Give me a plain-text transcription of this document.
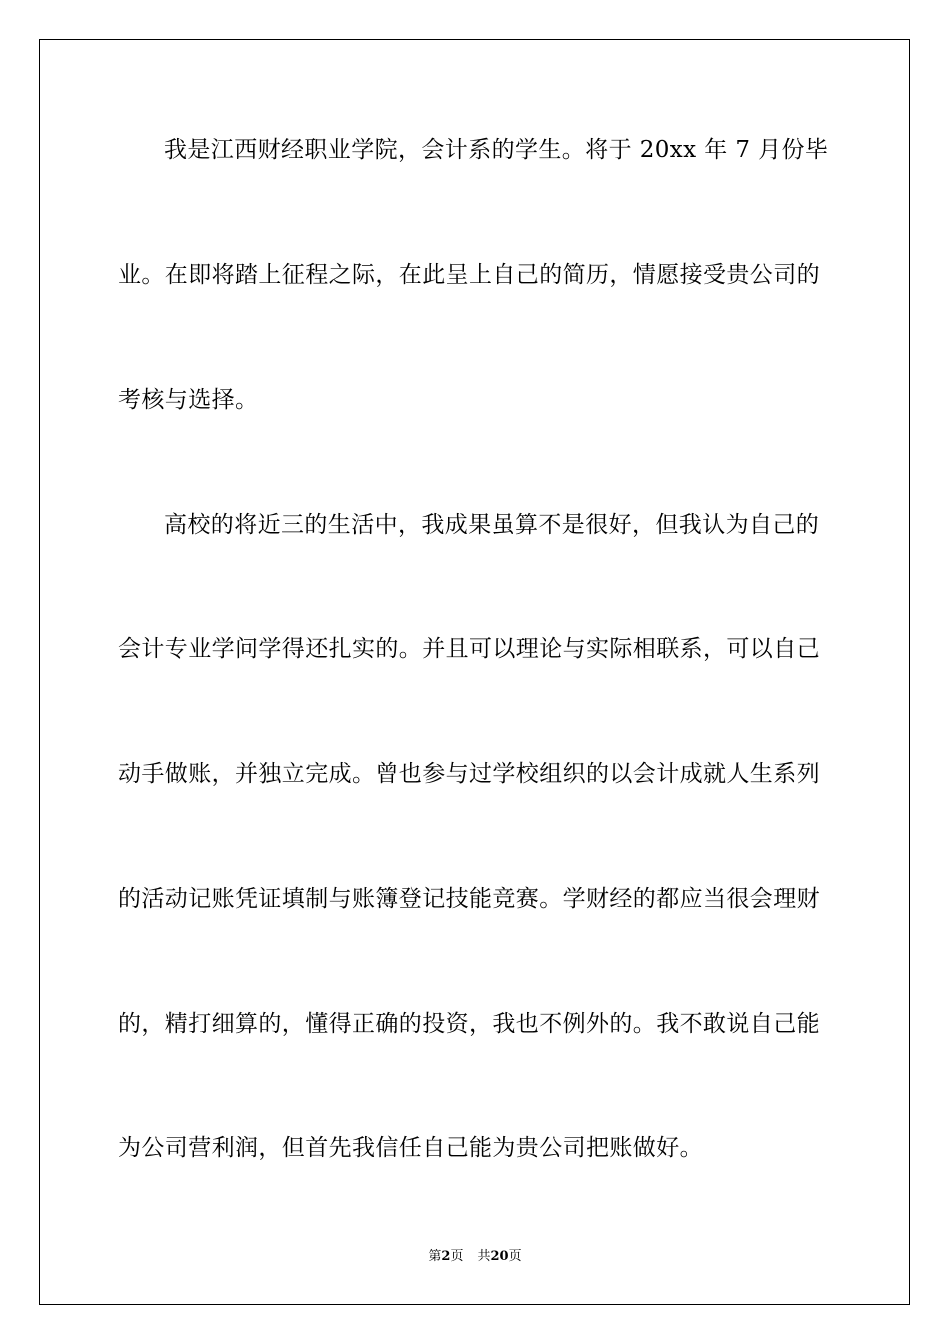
我是江西财经职业学院，会计系的学生。将于 20xx 年 7 月份毕
业。在即将踏上征程之际，在此呈上自己的简历，情愿接受贵公司的
考核与选择。
高校的将近三的生活中，我成果虽算不是很好，但我认为自己的
会计专业学问学得还扎实的。并且可以理论与实际相联系，可以自己
动手做账，并独立完成。曾也参与过学校组织的以会计成就人生系列
的活动记账凭证填制与账簿登记技能竞赛。学财经的都应当很会理财
的，精打细算的，懂得正确的投资，我也不例外的。我不敢说自己能
为公司营利润，但首先我信任自己能为贵公司把账做好。
第2页 共20页
